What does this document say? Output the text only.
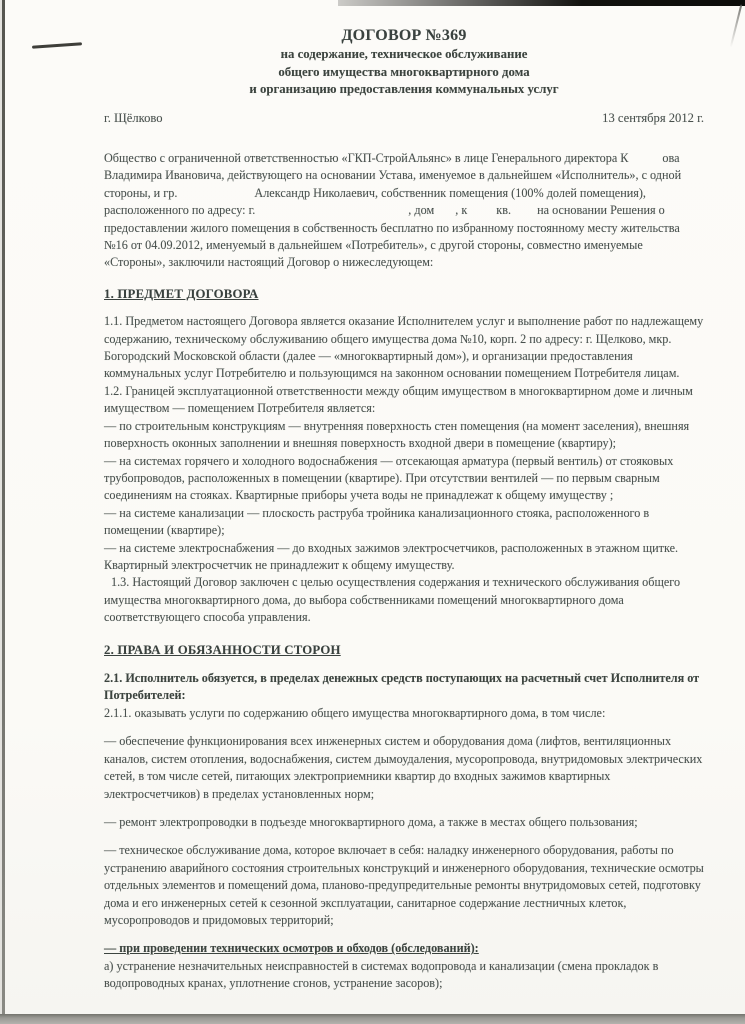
ДОГОВОР №369
на содержание, техническое обслуживание
общего имущества многоквартирного дома
и организацию предоставления коммунальных услуг
г. Щёлково	13 сентября 2012 г.

Общество с ограниченной ответственностью «ГКП-СтройАльянс» в лице Генерального директора К	ова Владимира Ивановича, действующего на основании Устава, именуемое в дальнейшем «Исполнитель», с одной стороны, и гр.	Александр Николаевич, собственник помещения (100% долей помещения), расположенного по адресу: г.	, дом , к кв.  на основании Решения о предоставлении жилого помещения в собственность бесплатно по избранному постоянному месту жительства №16 от 04.09.2012, именуемый в дальнейшем «Потребитель», с другой стороны, совместно именуемые «Стороны», заключили настоящий Договор о нижеследующем:

1. ПРЕДМЕТ ДОГОВОРА

1.1. Предметом настоящего Договора является оказание Исполнителем услуг и выполнение работ по надлежащему содержанию, техническому обслуживанию общего имущества дома №10, корп. 2 по адресу: г. Щелково, мкр. Богородский Московской области (далее — «многоквартирный дом»), и организации предоставления коммунальных услуг Потребителю и пользующимся на законном основании помещением Потребителя лицам.

1.2. Границей эксплуатационной ответственности между общим имуществом в многоквартирном доме и личным имуществом — помещением Потребителя является:

— по строительным конструкциям — внутренняя поверхность стен помещения (на момент заселения), внешняя поверхность оконных заполнении и внешняя поверхность входной двери в помещение (квартиру);

— на системах горячего и холодного водоснабжения — отсекающая арматура (первый вентиль) от стояковых трубопроводов, расположенных в помещении (квартире). При отсутствии вентилей — по первым сварным соединениям на стояках. Квартирные приборы учета воды не принадлежат к общему имуществу ;

— на системе канализации — плоскость раструба тройника канализационного стояка, расположенного в помещении (квартире);

— на системе электроснабжения — до входных зажимов электросчетчиков, расположенных в этажном щитке. Квартирный электросчетчик не принадлежит к общему имуществу.

1.3. Настоящий Договор заключен с целью осуществления содержания и технического обслуживания общего имущества многоквартирного дома, до выбора собственниками помещений многоквартирного дома соответствующего способа управления.

2. ПРАВА И ОБЯЗАННОСТИ СТОРОН

2.1. Исполнитель обязуется, в пределах денежных средств поступающих на расчетный счет Исполнителя от Потребителей:

2.1.1. оказывать услуги по содержанию общего имущества многоквартирного дома, в том числе:

— обеспечение функционирования всех инженерных систем и оборудования дома (лифтов, вентиляционных каналов, систем отопления, водоснабжения, систем дымоудаления, мусоропровода, внутридомовых электрических сетей, в том числе сетей, питающих электроприемники квартир до входных зажимов квартирных электросчетчиков) в пределах установленных норм;

— ремонт электропроводки в подъезде многоквартирного дома, а также в местах общего пользования;

— техническое обслуживание дома, которое включает в себя: наладку инженерного оборудования, работы по устранению аварийного состояния строительных конструкций и инженерного оборудования, технические осмотры отдельных элементов и помещений дома, планово-предупредительные ремонты внутридомовых сетей, подготовку дома и его инженерных сетей к сезонной эксплуатации, санитарное содержание лестничных клеток, мусоропроводов и придомовых территорий;

— при проведении технических осмотров и обходов (обследований):

а) устранение незначительных неисправностей в системах водопровода и канализации (смена прокладок в водопроводных кранах, уплотнение сгонов, устранение засоров);
